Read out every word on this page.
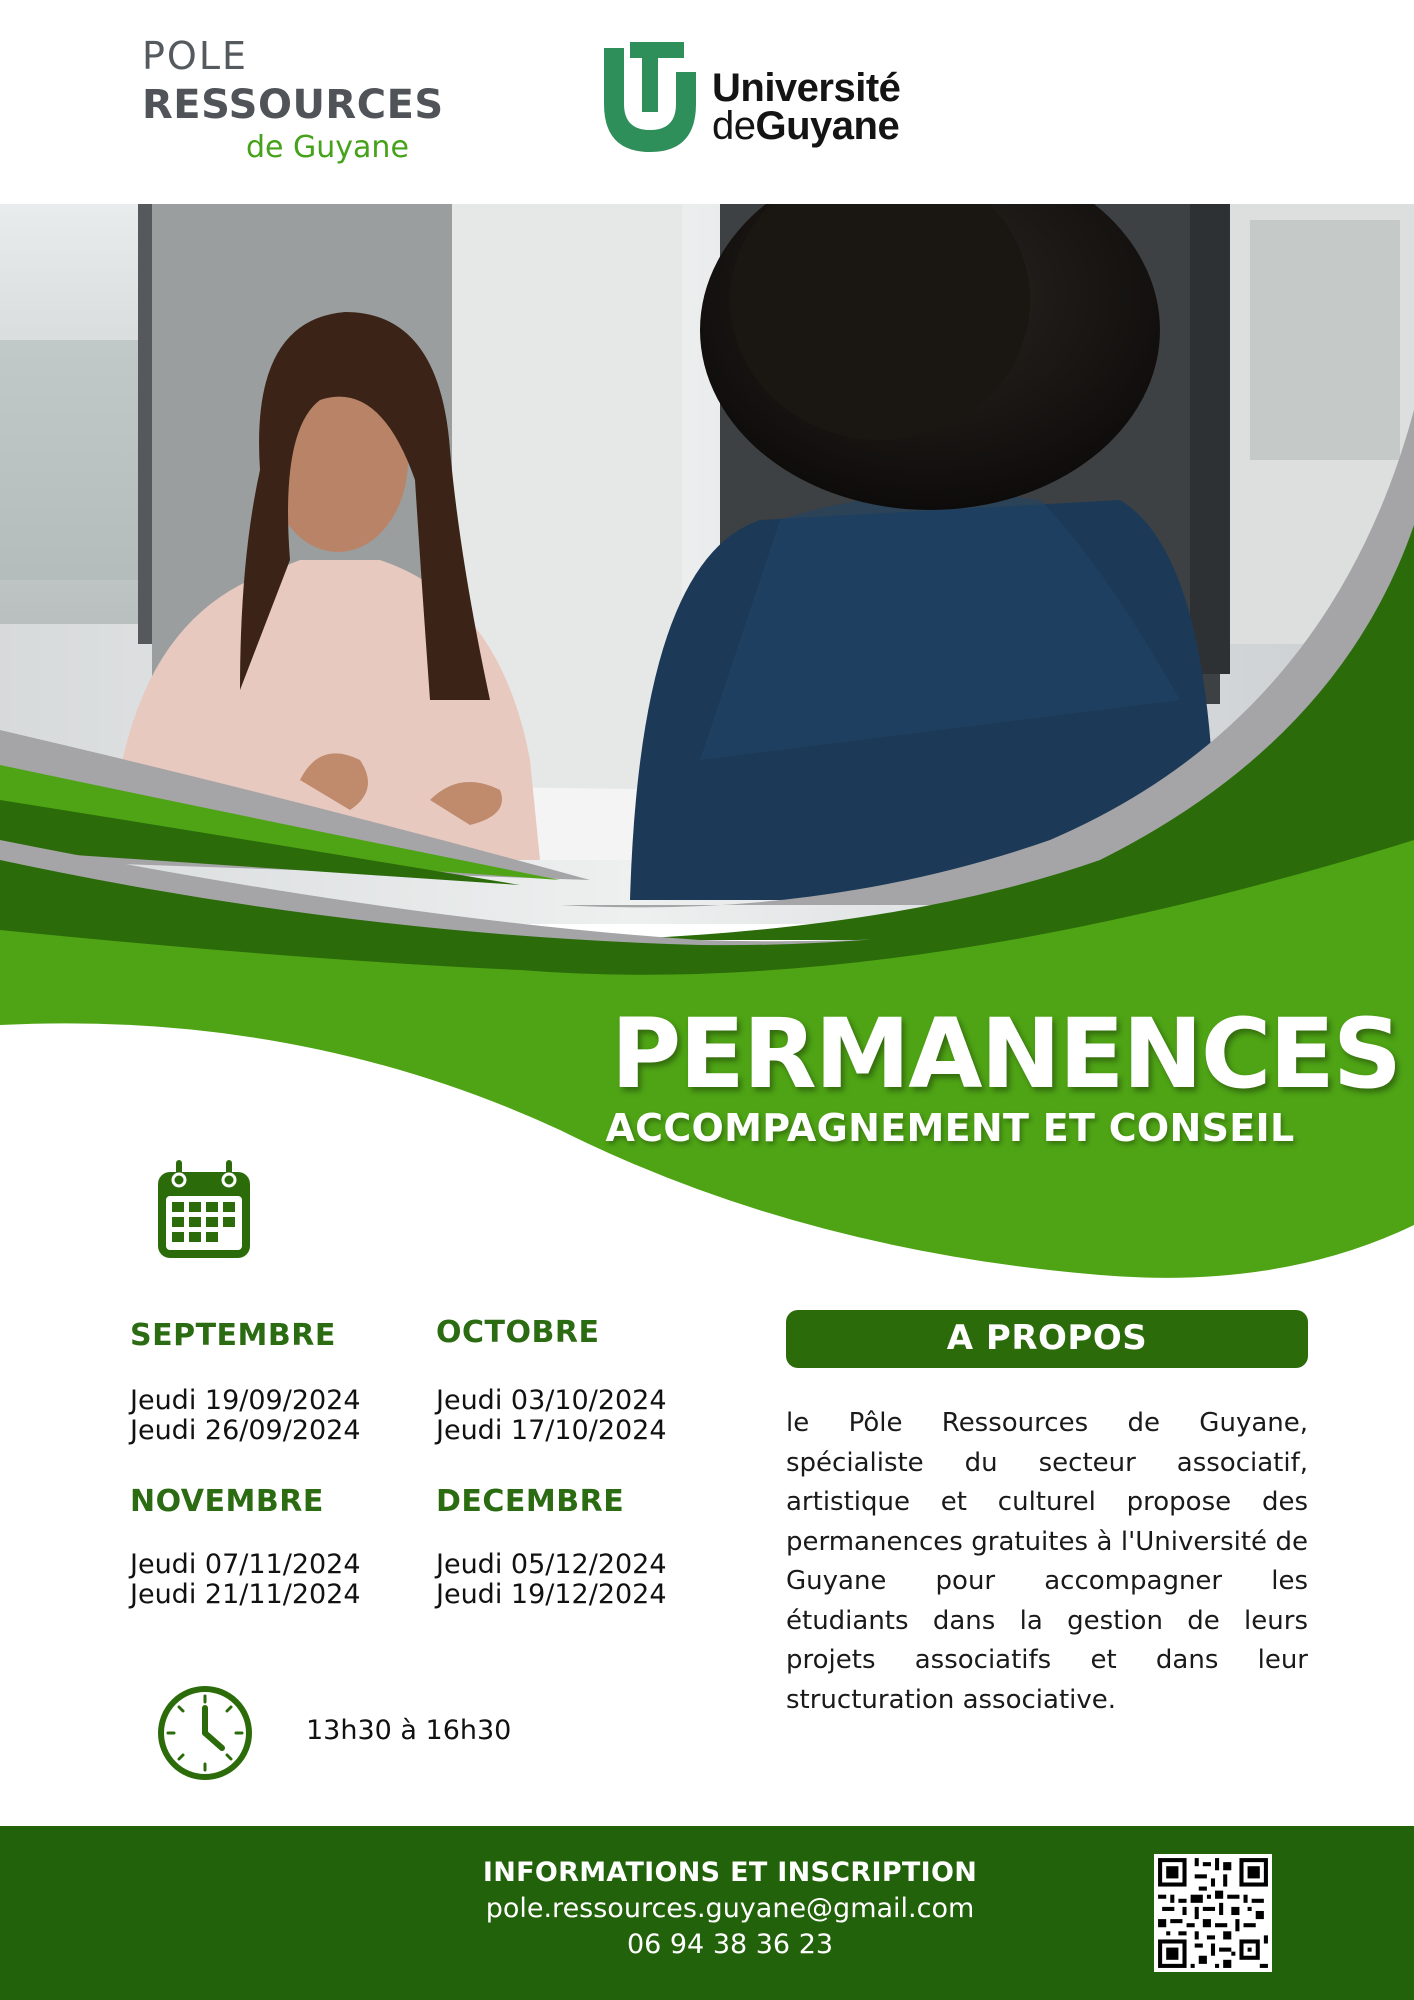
POLE
RESSOURCES
de Guyane
Université
deGuyane
PERMANENCES
ACCOMPAGNEMENT ET CONSEIL
SEPTEMBRE
Jeudi 19/09/2024
Jeudi 26/09/2024
OCTOBRE
Jeudi 03/10/2024
Jeudi 17/10/2024
NOVEMBRE
Jeudi 07/11/2024
Jeudi 21/11/2024
DECEMBRE
Jeudi 05/12/2024
Jeudi 19/12/2024
13h30 à 16h30
A PROPOS
le Pôle Ressources de Guyane, spécialiste du secteur associatif, artistique et culturel propose des permanences gratuites à l'Université de Guyane pour accompagner les étudiants dans la gestion de leurs projets associatifs et dans leur structuration associative.
INFORMATIONS ET INSCRIPTION
pole.ressources.guyane@gmail.com
06 94 38 36 23
